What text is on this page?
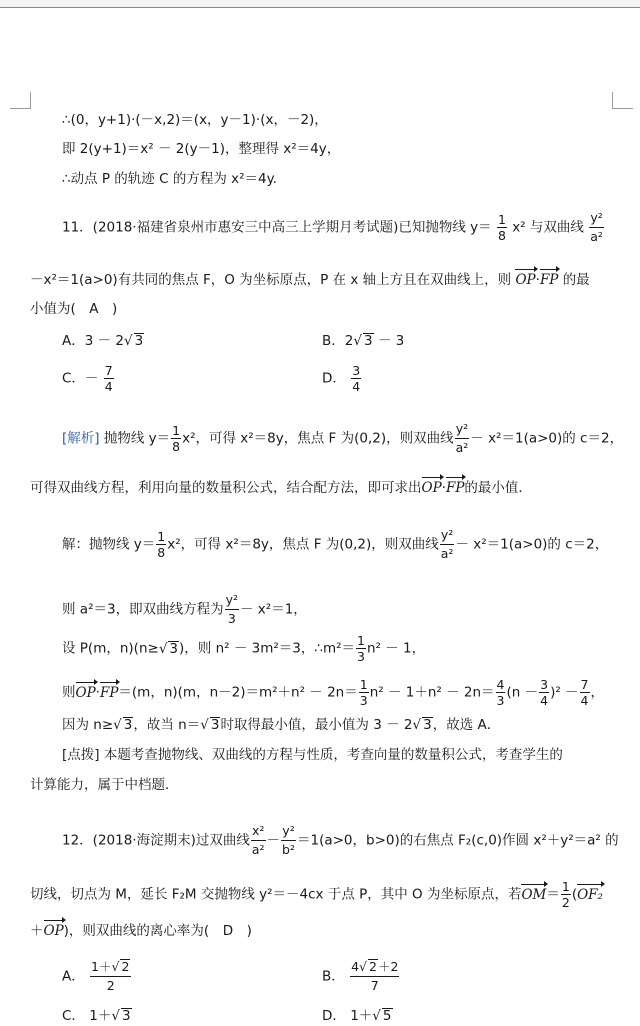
∴(0，y+1)·(－x,2)＝(x，y－1)·(x，－2)，
即 2(y+1)＝x² － 2(y－1)，整理得 x²＝4y，
∴动点 P 的轨迹 C 的方程为 x²＝4y.
11．(2018·福建省泉州市惠安三中高三上学期月考试题)已知抛物线 $y= \frac{1}{8} x^2$ 与双曲线 $\frac{\text{y²}}{\text{a²}}$
－x²＝1(a>0)有共同的焦点 F，O 为坐标原点，P 在 x 轴上方且在双曲线上，则 OP·FP 的最
小值为(　A　)
A．3 － 2√ 3	B．2√ 3 － 3
C．－ $\frac{7}{4}$	D． $\frac{3}{4}$
[解析] 抛物线 $y= \frac{1}{8} x^2$，可得 x²＝8y，焦点 F 为(0,2)，则双曲线 $\frac{\text{y²}}{\text{a²}} - x^2=1(a>0)$的 c＝2，
可得双曲线方程，利用向量的数量积公式，结合配方法，即可求出OP·FP的最小值．
解：抛物线 $y= \frac{1}{8} x^2$，可得 x²＝8y，焦点 F 为(0,2)，则双曲线 $\frac{\text{y²}}{\text{a²}} - x^2=1(a>0)$的 c＝2，
则 a²＝3，即双曲线方程为 $\frac{\text{y²}}{3} - x^2=1$，
设 P(m，n)(n≥√ 3)，则 n² － 3m²＝3，∴m²＝ $\frac{1}{3} n^2 - 1$，
则OP·FP＝(m，n)(m，$n-2)=m^2+n^2 - 2n= \frac{1}{3} n^2 - 1+n^2 - 2n= \frac{4}{3} (n - \frac{3}{4} )^2 - \frac{7}{4}$ ，
因为 n≥√ 3，故当 n＝√ 3时取得最小值，最小值为 3 － 2√ 3，故选 A．
[点拨] 本题考查抛物线、双曲线的方程与性质，考查向量的数量积公式，考查学生的
计算能力，属于中档题．
12．(2018·海淀期末)过双曲线 $\frac{\text{x²}}{\text{a²}} - \frac{\text{y²}}{\text{b²}} =1(a>0$，b>0)的右焦点 F₂(c,0)作圆 x²＋y²＝a² 的
切线，切点为 M，延长 F₂M 交抛物线 y²＝－4cx 于点 P，其中 O 为坐标原点，若$OM= \frac{1}{2} (OF_2$
＋OP)，则双曲线的离心率为(　D　)
A． $\frac{1+√ 2}{2}$	B． $\frac{4√ 2+2}{7}$
C． 1＋√ 3	D． 1＋√ 5
